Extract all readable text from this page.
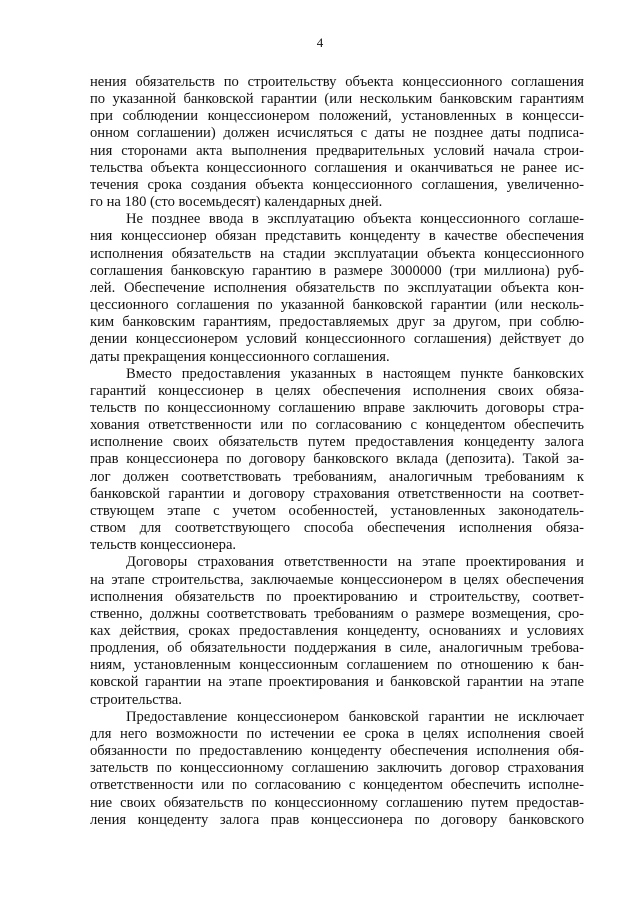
4
нения обязательств по строительству объекта концессионного соглашения
по указанной банковской гарантии (или нескольким банковским гарантиям
при соблюдении концессионером положений, установленных в концесси-
онном соглашении) должен исчисляться с даты не позднее даты подписа-
ния сторонами акта выполнения предварительных условий начала строи-
тельства объекта концессионного соглашения и оканчиваться не ранее ис-
течения срока создания объекта концессионного соглашения, увеличенно-
го на 180 (сто восемьдесят) календарных дней.
Не позднее ввода в эксплуатацию объекта концессионного соглаше-
ния концессионер обязан представить концеденту в качестве обеспечения
исполнения обязательств на стадии эксплуатации объекта концессионного
соглашения банковскую гарантию в размере 3000000 (три миллиона) руб-
лей. Обеспечение исполнения обязательств по эксплуатации объекта кон-
цессионного соглашения по указанной банковской гарантии (или несколь-
ким банковским гарантиям, предоставляемых друг за другом, при соблю-
дении концессионером условий концессионного соглашения) действует до
даты прекращения концессионного соглашения.
Вместо предоставления указанных в настоящем пункте банковских
гарантий концессионер в целях обеспечения исполнения своих обяза-
тельств по концессионному соглашению вправе заключить договоры стра-
хования ответственности или по согласованию с концедентом обеспечить
исполнение своих обязательств путем предоставления концеденту залога
прав концессионера по договору банковского вклада (депозита). Такой за-
лог должен соответствовать требованиям, аналогичным требованиям к
банковской гарантии и договору страхования ответственности на соответ-
ствующем этапе с учетом особенностей, установленных законодатель-
ством для соответствующего способа обеспечения исполнения обяза-
тельств концессионера.
Договоры страхования ответственности на этапе проектирования и
на этапе строительства, заключаемые концессионером в целях обеспечения
исполнения обязательств по проектированию и строительству, соответ-
ственно, должны соответствовать требованиям о размере возмещения, сро-
ках действия, сроках предоставления концеденту, основаниях и условиях
продления, об обязательности поддержания в силе, аналогичным требова-
ниям, установленным концессионным соглашением по отношению к бан-
ковской гарантии на этапе проектирования и банковской гарантии на этапе
строительства.
Предоставление концессионером банковской гарантии не исключает
для него возможности по истечении ее срока в целях исполнения своей
обязанности по предоставлению концеденту обеспечения исполнения обя-
зательств по концессионному соглашению заключить договор страхования
ответственности или по согласованию с концедентом обеспечить исполне-
ние своих обязательств по концессионному соглашению путем предостав-
ления концеденту залога прав концессионера по договору банковского
